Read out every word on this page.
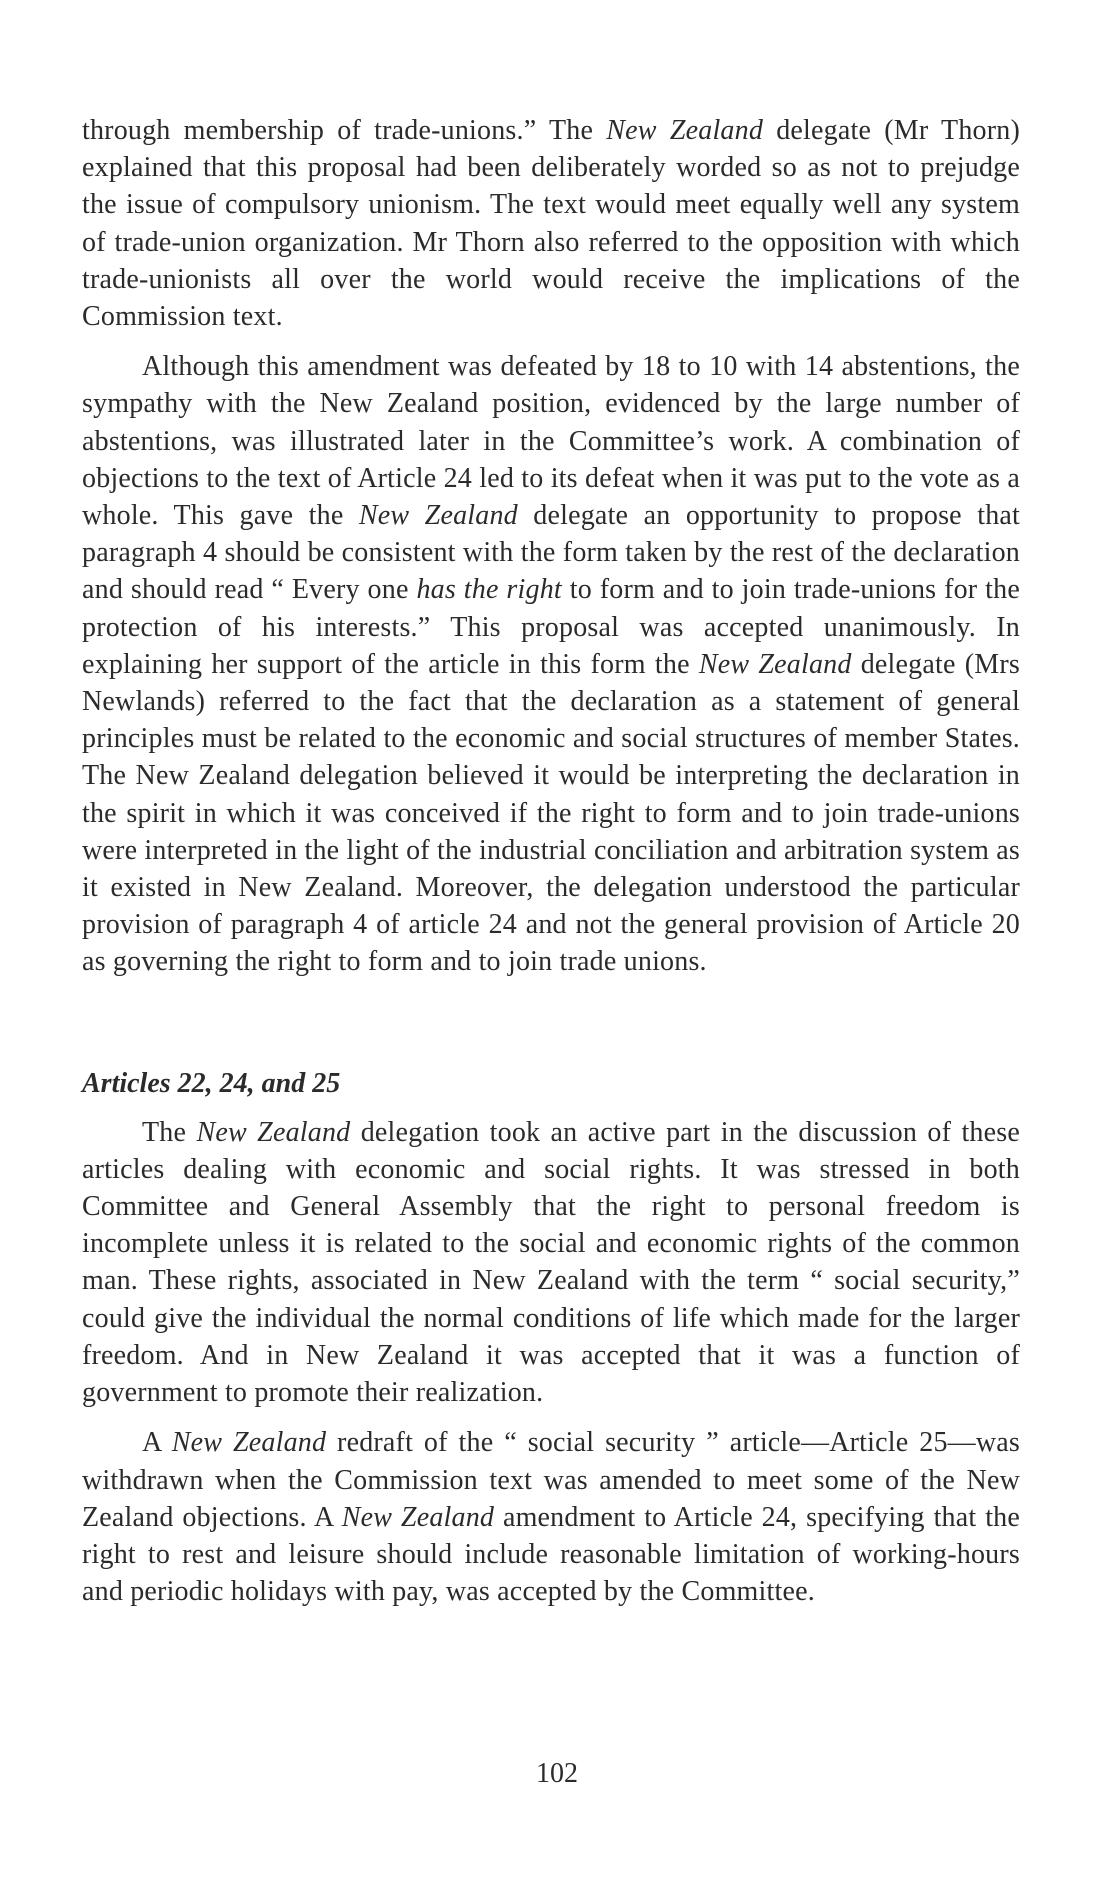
through membership of trade-unions.” The New Zealand delegate (Mr Thorn) explained that this proposal had been deliberately worded so as not to prejudge the issue of compulsory unionism. The text would meet equally well any system of trade-union organization. Mr Thorn also referred to the opposition with which trade-unionists all over the world would receive the implications of the Commission text.

Although this amendment was defeated by 18 to 10 with 14 abstentions, the sympathy with the New Zealand position, evidenced by the large number of abstentions, was illustrated later in the Committee’s work. A combination of objections to the text of Article 24 led to its defeat when it was put to the vote as a whole. This gave the New Zealand delegate an opportunity to propose that paragraph 4 should be consistent with the form taken by the rest of the declaration and should read “ Every one has the right to form and to join trade-unions for the protection of his interests.” This proposal was accepted unanimously. In explaining her support of the article in this form the New Zealand delegate (Mrs Newlands) referred to the fact that the declaration as a statement of general principles must be related to the economic and social structures of member States. The New Zealand delegation believed it would be interpreting the declaration in the spirit in which it was conceived if the right to form and to join trade-unions were interpreted in the light of the industrial conciliation and arbitration system as it existed in New Zealand. Moreover, the delegation understood the particular provision of paragraph 4 of article 24 and not the general provision of Article 20 as governing the right to form and to join trade unions.

Articles 22, 24, and 25

The New Zealand delegation took an active part in the discussion of these articles dealing with economic and social rights. It was stressed in both Committee and General Assembly that the right to personal freedom is incomplete unless it is related to the social and economic rights of the common man. These rights, associated in New Zealand with the term “ social security,” could give the individual the normal conditions of life which made for the larger freedom. And in New Zealand it was accepted that it was a function of government to promote their realization.

A New Zealand redraft of the “ social security ” article—Article 25—was withdrawn when the Commission text was amended to meet some of the New Zealand objections. A New Zealand amendment to Article 24, specifying that the right to rest and leisure should include reasonable limitation of working-hours and periodic holidays with pay, was accepted by the Committee.

102
